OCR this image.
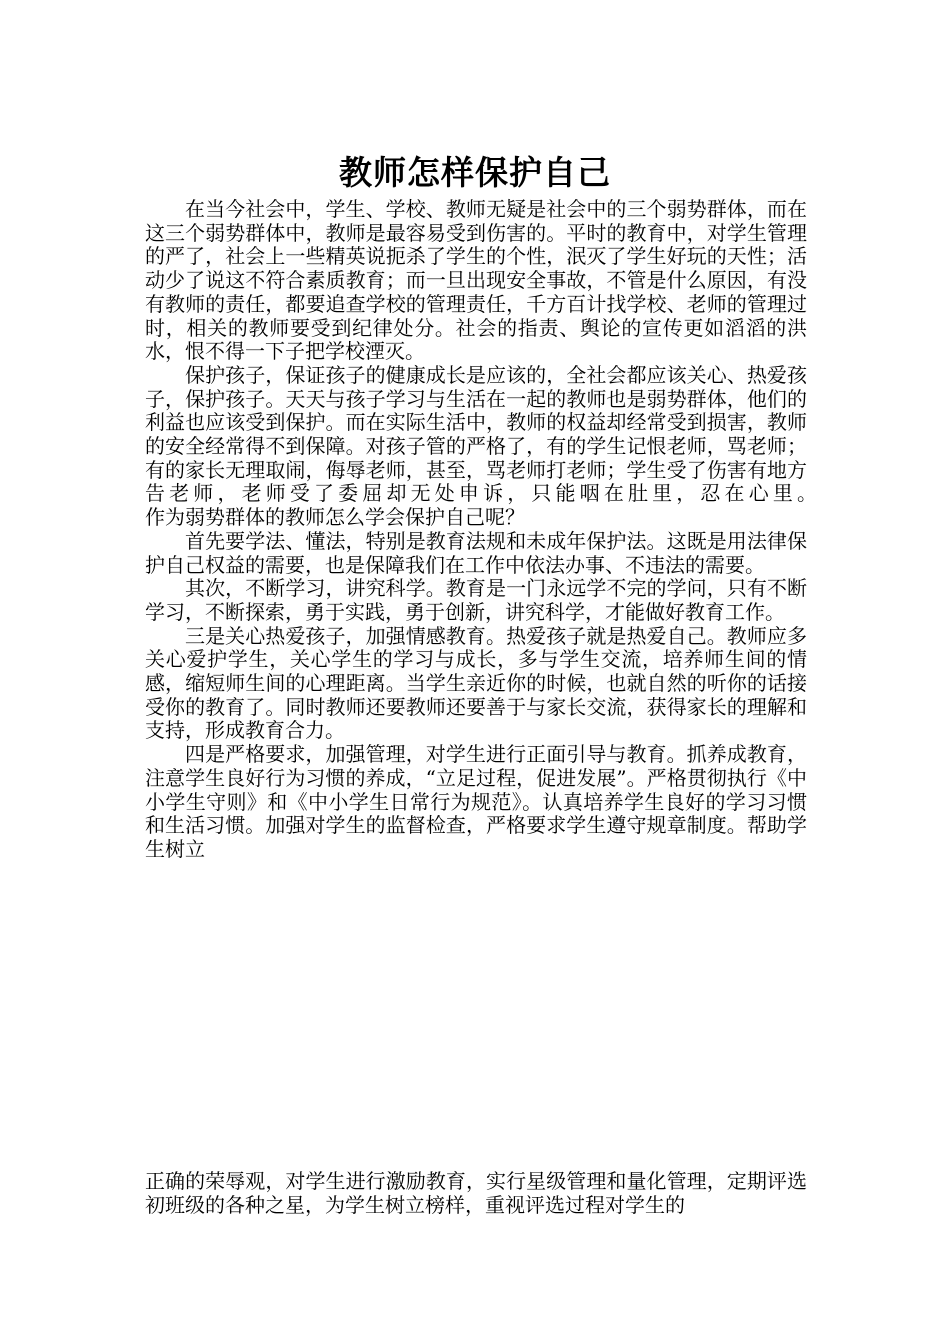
教师怎样保护自己

在当今社会中，学生、学校、教师无疑是社会中的三个弱势群体，而在这三个弱势群体中，教师是最容易受到伤害的。平时的教育中，对学生管理的严了，社会上一些精英说扼杀了学生的个性，泯灭了学生好玩的天性；活动少了说这不符合素质教育；而一旦出现安全事故，不管是什么原因，有没有教师的责任，都要追查学校的管理责任，千方百计找学校、老师的管理过时，相关的教师要受到纪律处分。社会的指责、舆论的宣传更如滔滔的洪水，恨不得一下子把学校湮灭。

保护孩子，保证孩子的健康成长是应该的，全社会都应该关心、热爱孩子，保护孩子。天天与孩子学习与生活在一起的教师也是弱势群体，他们的利益也应该受到保护。而在实际生活中，教师的权益却经常受到损害，教师的安全经常得不到保障。对孩子管的严格了，有的学生记恨老师，骂老师；有的家长无理取闹，侮辱老师，甚至，骂老师打老师；学生受了伤害有地方告老师，老师受了委屈却无处申诉，只能咽在肚里，忍在心里。　　　　　　作为弱势群体的教师怎么学会保护自己呢？

首先要学法、懂法，特别是教育法规和未成年保护法。这既是用法律保护自己权益的需要，也是保障我们在工作中依法办事、不违法的需要。

其次，不断学习，讲究科学。教育是一门永远学不完的学问，只有不断学习，不断探索，勇于实践，勇于创新，讲究科学，才能做好教育工作。

三是关心热爱孩子，加强情感教育。热爱孩子就是热爱自己。教师应多关心爱护学生，关心学生的学习与成长，多与学生交流，培养师生间的情感，缩短师生间的心理距离。当学生亲近你的时候，也就自然的听你的话接受你的教育了。同时教师还要教师还要善于与家长交流，获得家长的理解和支持，形成教育合力。

四是严格要求，加强管理，对学生进行正面引导与教育。抓养成教育，注意学生良好行为习惯的养成，“立足过程，促进发展”。严格贯彻执行《中小学生守则》和《中小学生日常行为规范》。认真培养学生良好的学习习惯和生活习惯。加强对学生的监督检查，严格要求学生遵守规章制度。帮助学生树立

正确的荣辱观，对学生进行激励教育，实行星级管理和量化管理，定期评选初班级的各种之星，为学生树立榜样，重视评选过程对学生的
